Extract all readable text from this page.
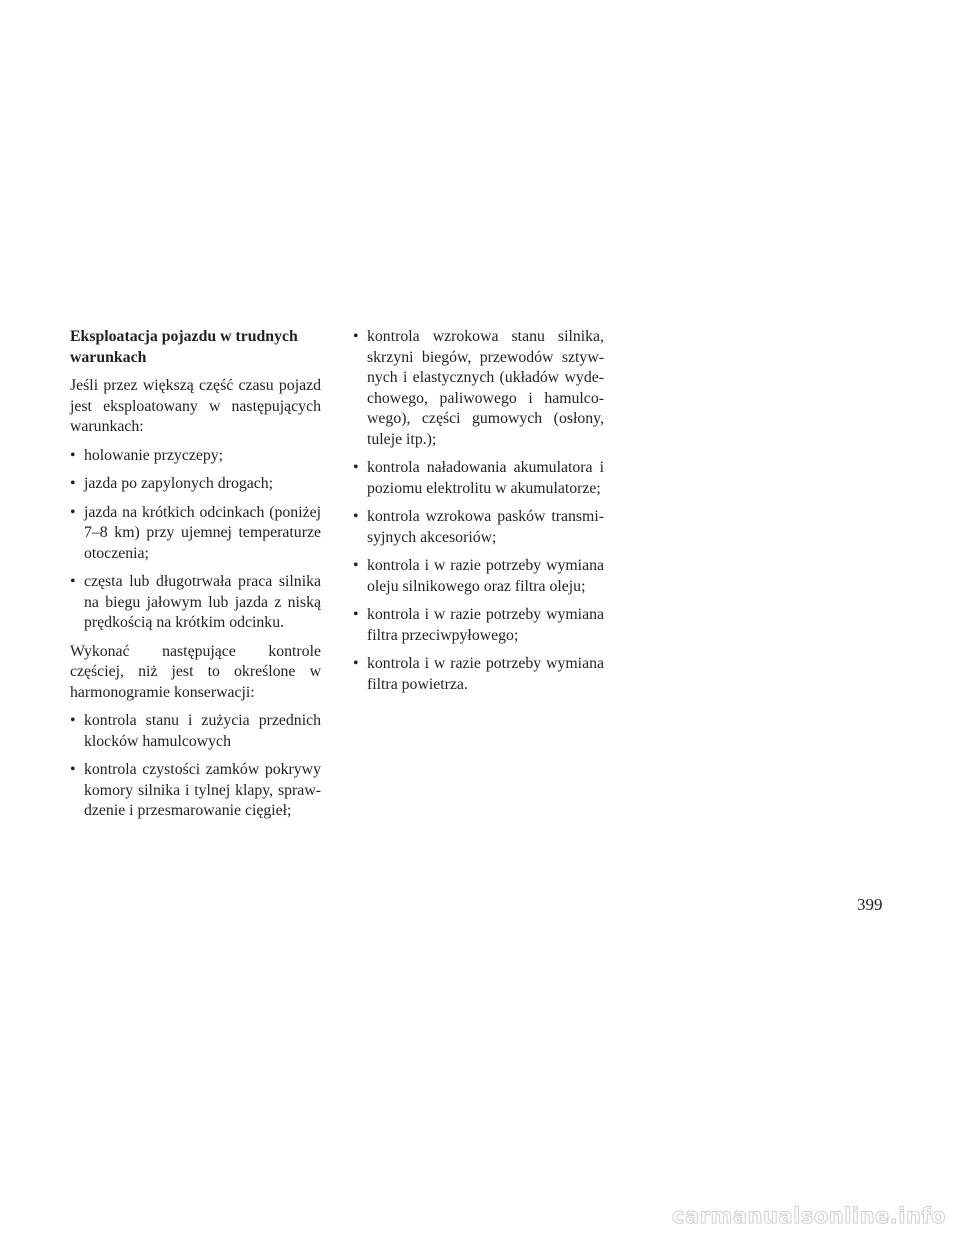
Eksploatacja pojazdu w trudnych warunkach

Jeśli przez większą część czasu pojazd jest eksploatowany w następujących warunkach:

• holowanie przyczepy;
• jazda po zapylonych drogach;
• jazda na krótkich odcinkach (poniżej 7–8 km) przy ujemnej temperaturze otoczenia;
• częsta lub długotrwała praca silnika na biegu jałowym lub jazda z niską prędkością na krótkim odcinku.

Wykonać następujące kontrole częściej, niż jest to określone w harmonogramie konserwacji:

• kontrola stanu i zużycia przednich klocków hamulcowych
• kontrola czystości zamków pokrywy komory silnika i tylnej klapy, sprawdzenie i przesmarowanie cięgieł;
• kontrola wzrokowa stanu silnika, skrzyni biegów, przewodów sztywnych i elastycznych (układów wydechowego, paliwowego i hamulcowego), części gumowych (osłony, tuleje itp.);
• kontrola naładowania akumulatora i poziomu elektrolitu w akumulatorze;
• kontrola wzrokowa pasków transmisyjnych akcesoriów;
• kontrola i w razie potrzeby wymiana oleju silnikowego oraz filtra oleju;
• kontrola i w razie potrzeby wymiana filtra przeciwpyłowego;
• kontrola i w razie potrzeby wymiana filtra powietrza.
399
carmanualsonline.info
